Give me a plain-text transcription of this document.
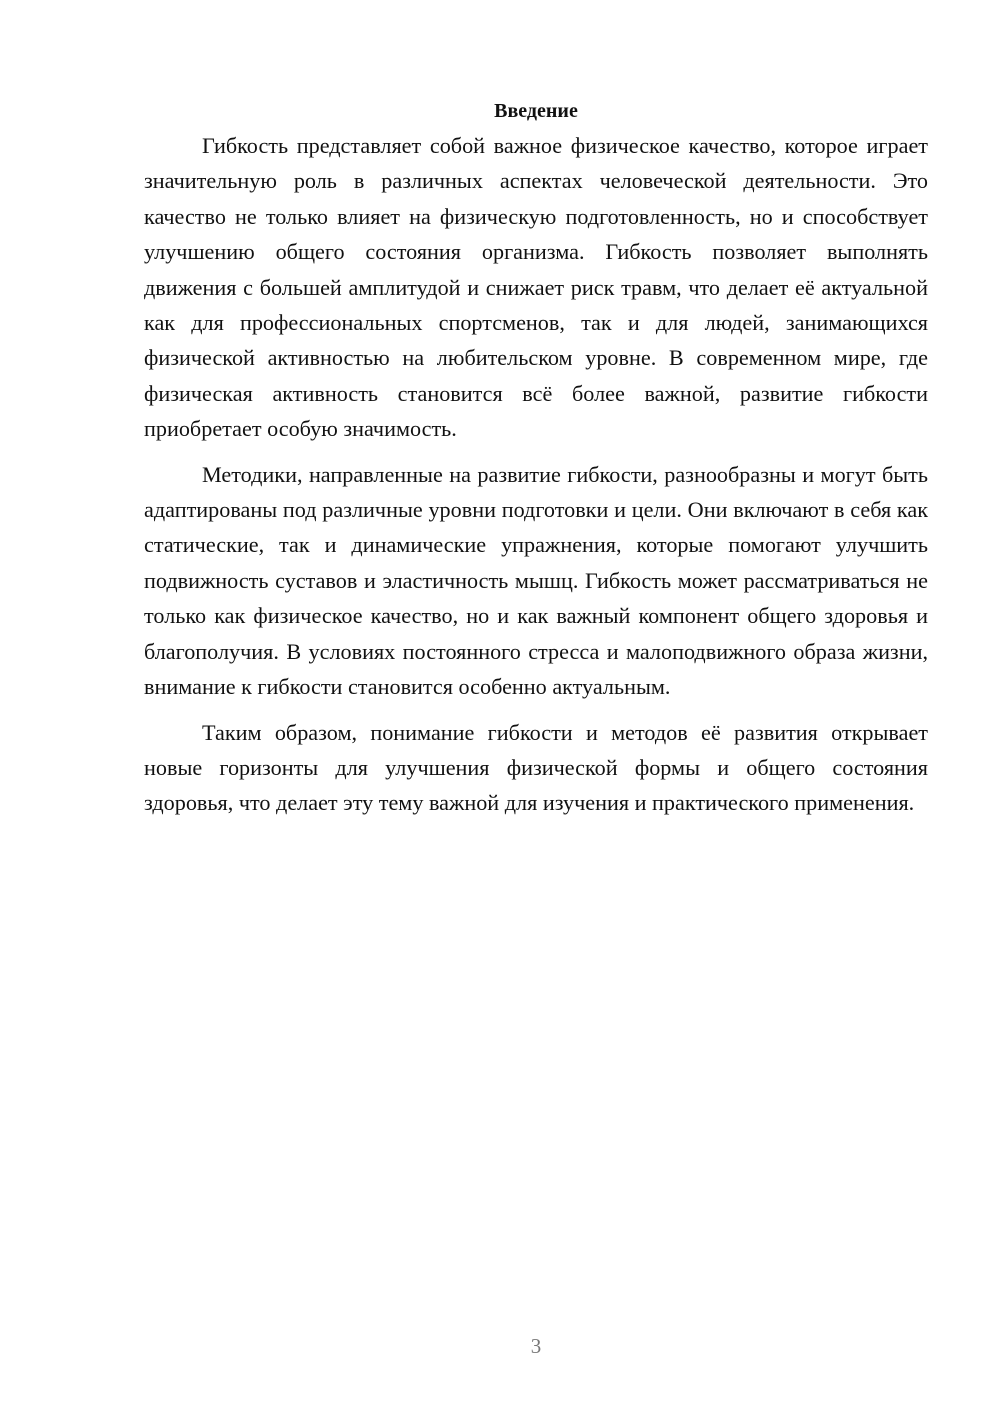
Введение

Гибкость представляет собой важное физическое качество, которое играет значительную роль в различных аспектах человеческой деятельности. Это качество не только влияет на физическую подготовленность, но и способствует улучшению общего состояния организма. Гибкость позволяет выполнять движения с большей амплитудой и снижает риск травм, что делает её актуальной как для профессиональных спортсменов, так и для людей, занимающихся физической активностью на любительском уровне. В современном мире, где физическая активность становится всё более важной, развитие гибкости приобретает особую значимость.

Методики, направленные на развитие гибкости, разнообразны и могут быть адаптированы под различные уровни подготовки и цели. Они включают в себя как статические, так и динамические упражнения, которые помогают улучшить подвижность суставов и эластичность мышц. Гибкость может рассматриваться не только как физическое качество, но и как важный компонент общего здоровья и благополучия. В условиях постоянного стресса и малоподвижного образа жизни, внимание к гибкости становится особенно актуальным.

Таким образом, понимание гибкости и методов её развития открывает новые горизонты для улучшения физической формы и общего состояния здоровья, что делает эту тему важной для изучения и практического применения.

3
